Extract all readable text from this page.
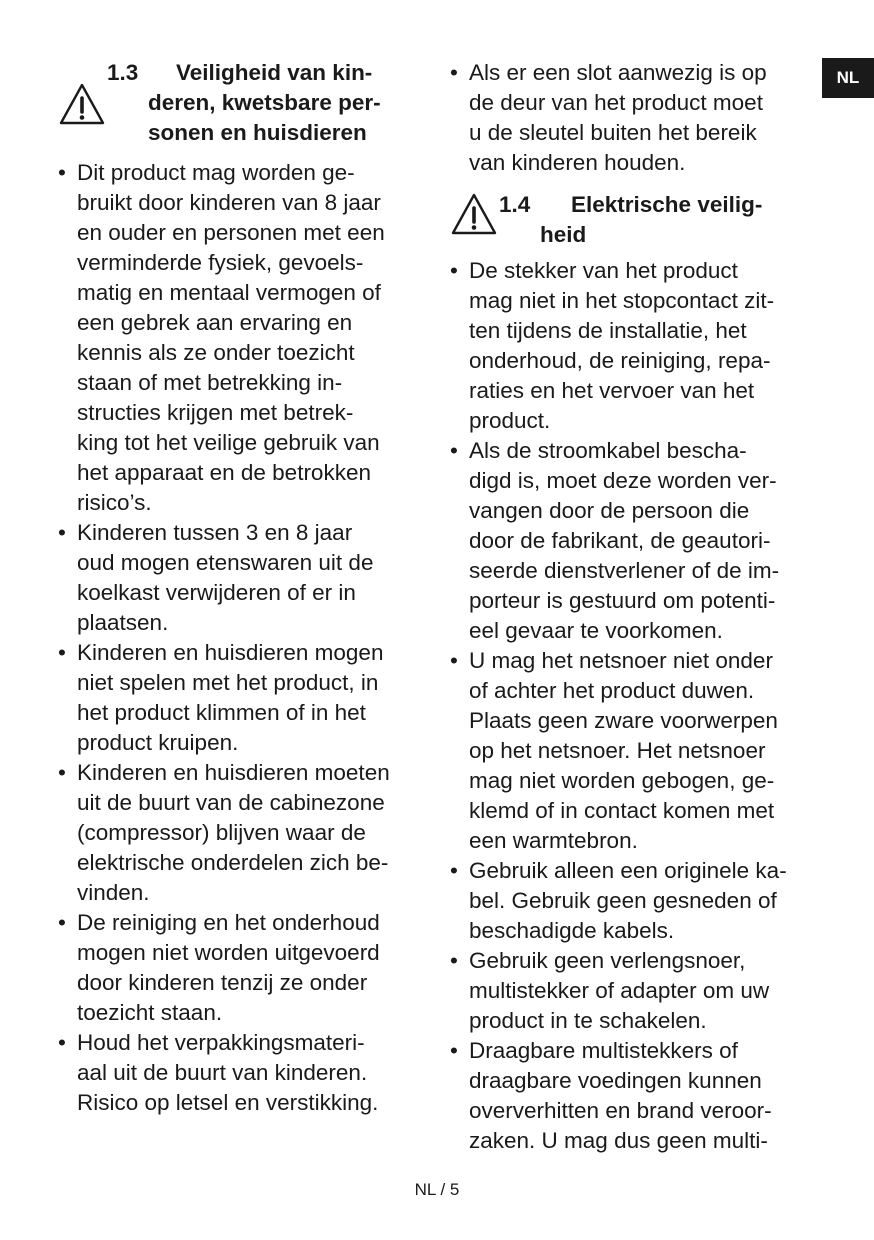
NL
1.3	Veiligheid van kin-
deren, kwetsbare per-
sonen en huisdieren
• Dit product mag worden ge-
bruikt door kinderen van 8 jaar
en ouder en personen met een
verminderde fysiek, gevoels-
matig en mentaal vermogen of
een gebrek aan ervaring en
kennis als ze onder toezicht
staan of met betrekking in-
structies krijgen met betrek-
king tot het veilige gebruik van
het apparaat en de betrokken
risico’s.
• Kinderen tussen 3 en 8 jaar
oud mogen etenswaren uit de
koelkast verwijderen of er in
plaatsen.
• Kinderen en huisdieren mogen
niet spelen met het product, in
het product klimmen of in het
product kruipen.
• Kinderen en huisdieren moeten
uit de buurt van de cabinezone
(compressor) blijven waar de
elektrische onderdelen zich be-
vinden.
• De reiniging en het onderhoud
mogen niet worden uitgevoerd
door kinderen tenzij ze onder
toezicht staan.
• Houd het verpakkingsmateri-
aal uit de buurt van kinderen.
Risico op letsel en verstikking.
• Als er een slot aanwezig is op
de deur van het product moet
u de sleutel buiten het bereik
van kinderen houden.
1.4	Elektrische veilig-
heid
• De stekker van het product
mag niet in het stopcontact zit-
ten tijdens de installatie, het
onderhoud, de reiniging, repa-
raties en het vervoer van het
product.
• Als de stroomkabel bescha-
digd is, moet deze worden ver-
vangen door de persoon die
door de fabrikant, de geautori-
seerde dienstverlener of de im-
porteur is gestuurd om potenti-
eel gevaar te voorkomen.
• U mag het netsnoer niet onder
of achter het product duwen.
Plaats geen zware voorwerpen
op het netsnoer. Het netsnoer
mag niet worden gebogen, ge-
klemd of in contact komen met
een warmtebron.
• Gebruik alleen een originele ka-
bel. Gebruik geen gesneden of
beschadigde kabels.
• Gebruik geen verlengsnoer,
multistekker of adapter om uw
product in te schakelen.
• Draagbare multistekkers of
draagbare voedingen kunnen
oververhitten en brand veroor-
zaken. U mag dus geen multi-
NL / 5
